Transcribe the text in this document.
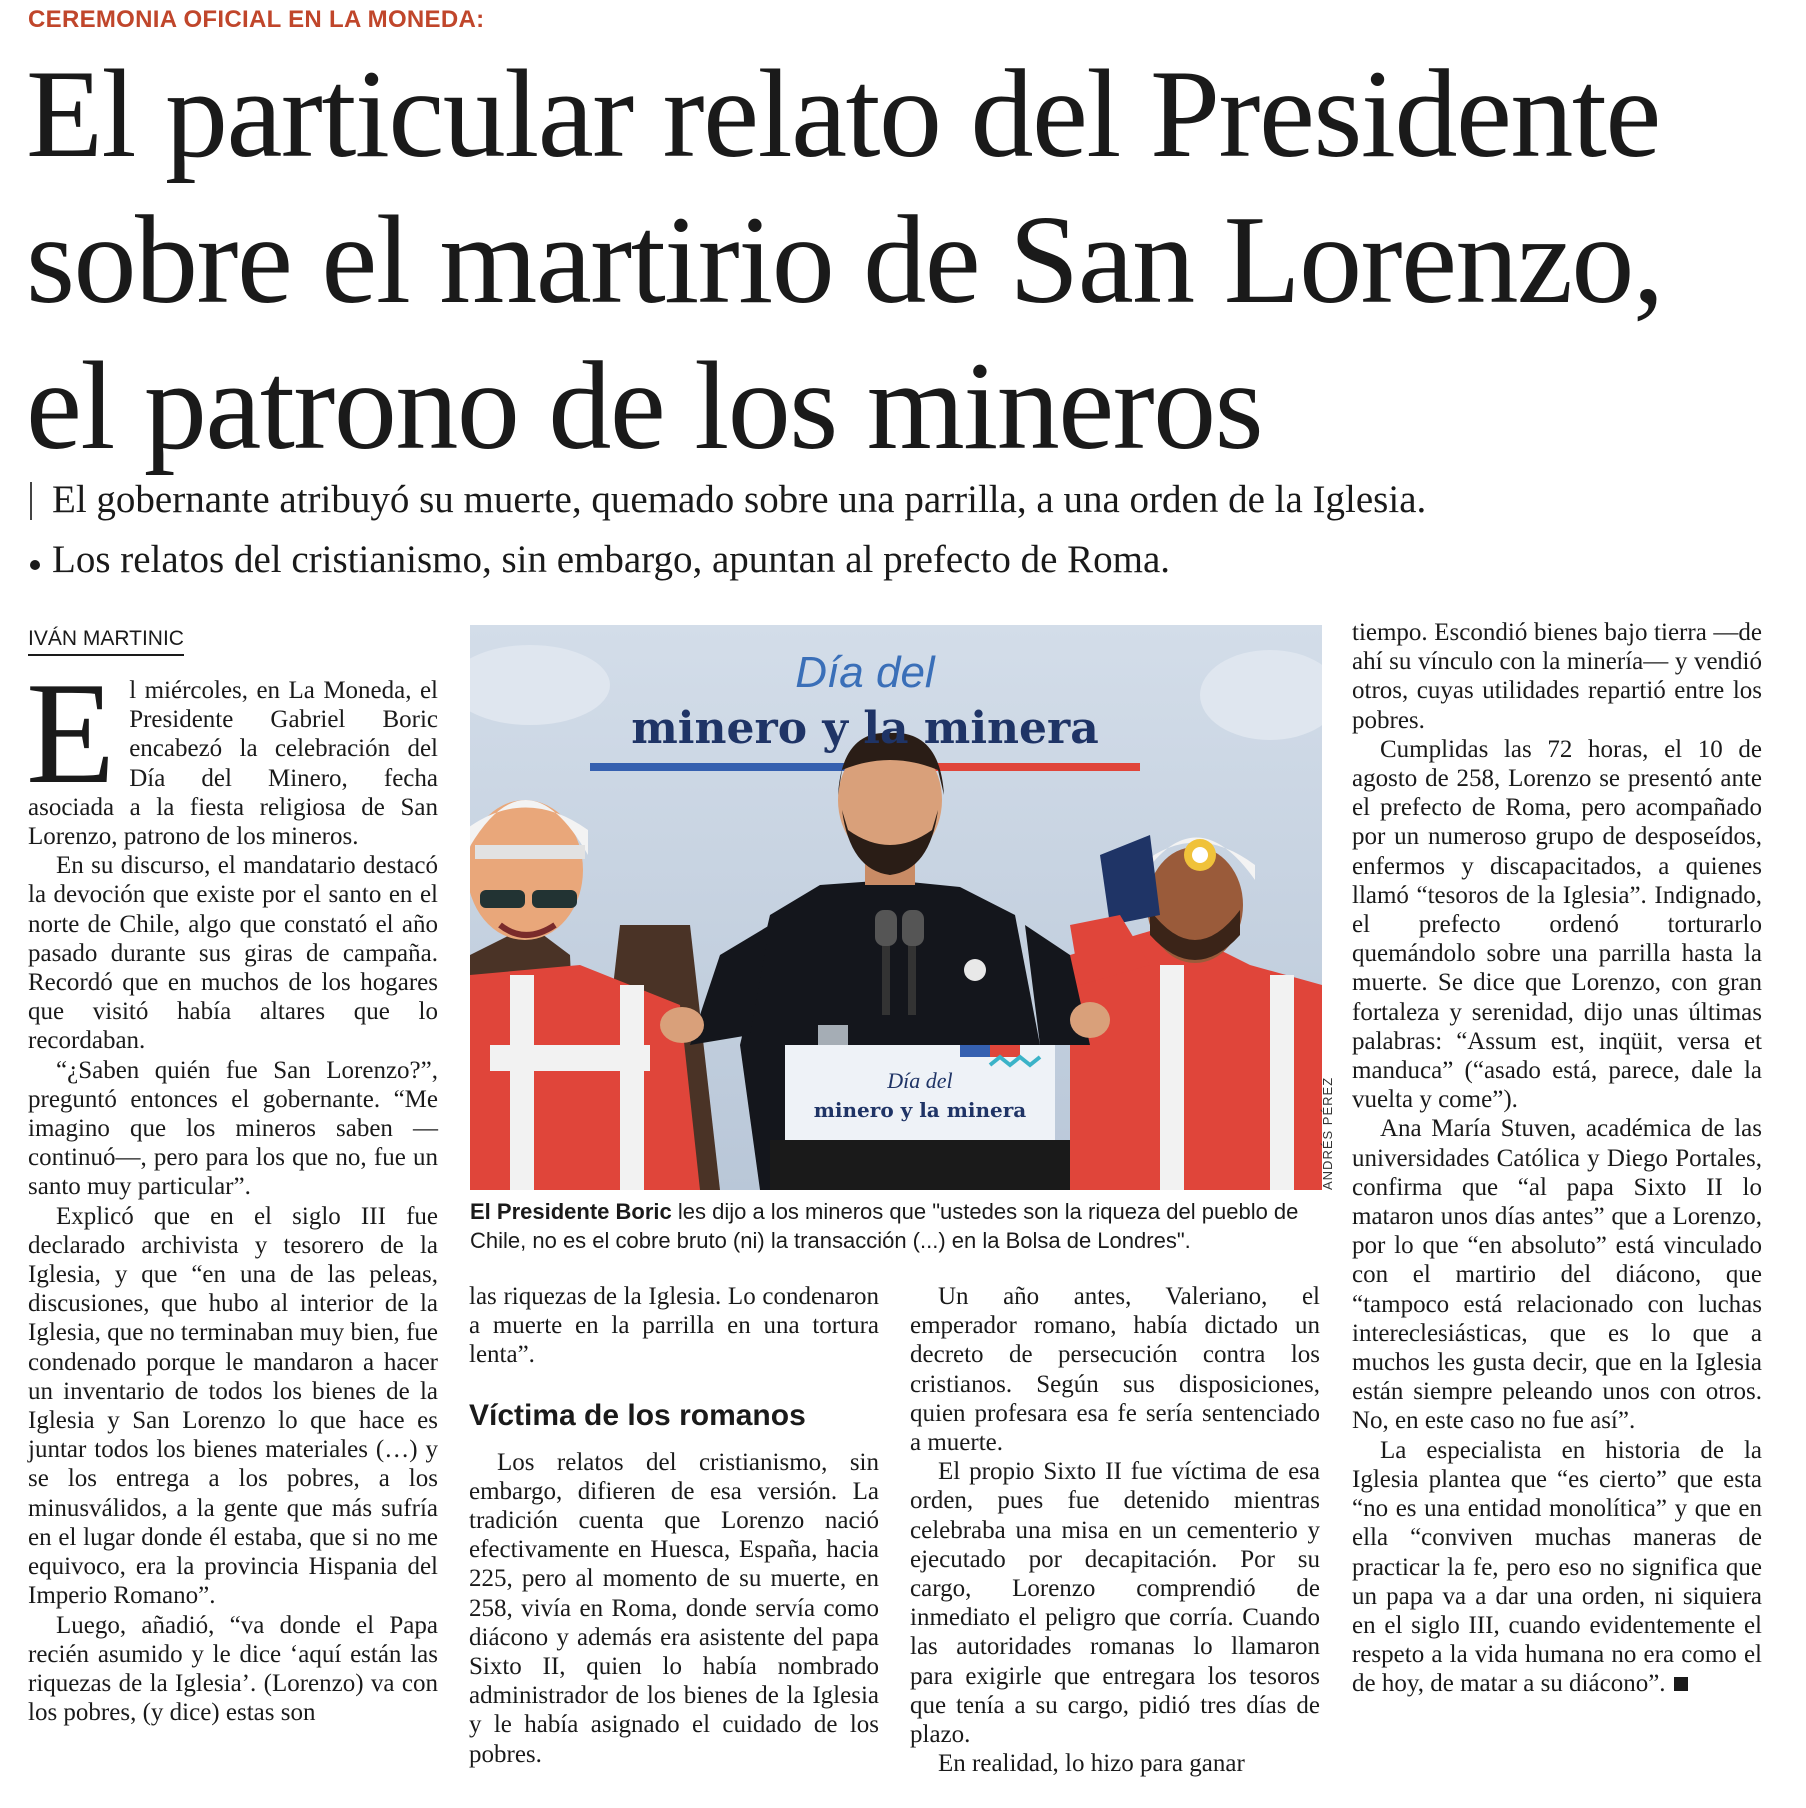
CEREMONIA OFICIAL EN LA MONEDA:
El particular relato del Presidente
sobre el martirio de San Lorenzo,
el patrono de los mineros
El gobernante atribuyó su muerte, quemado sobre una parrilla, a una orden de la Iglesia.
Los relatos del cristianismo, sin embargo, apuntan al prefecto de Roma.
IVÁN MARTINIC

El miércoles, en La Moneda, el Presidente Gabriel Boric encabezó la celebración del Día del Minero, fecha asociada a la fiesta religiosa de San Lorenzo, patrono de los mineros.

En su discurso, el mandatario destacó la devoción que existe por el santo en el norte de Chile, algo que constató el año pasado durante sus giras de campaña. Recordó que en muchos de los hogares que visitó había altares que lo recordaban.

“¿Saben quién fue San Lorenzo?”, preguntó entonces el gobernante. “Me imagino que los mineros saben —continuó—, pero para los que no, fue un santo muy particular”.

Explicó que en el siglo III fue declarado archivista y tesorero de la Iglesia, y que “en una de las peleas, discusiones, que hubo al interior de la Iglesia, que no terminaban muy bien, fue condenado porque le mandaron a hacer un inventario de todos los bienes de la Iglesia y San Lorenzo lo que hace es juntar todos los bienes materiales (…) y se los entrega a los pobres, a los minusválidos, a la gente que más sufría en el lugar donde él estaba, que si no me equivoco, era la provincia Hispania del Imperio Romano”.

Luego, añadió, “va donde el Papa recién asumido y le dice ‘aquí están las riquezas de la Iglesia’. (Lorenzo) va con los pobres, (y dice) estas son

Día del
minero y la minera
Día del
minero y la minera	ANDRÉS PÉREZ
El Presidente Boric les dijo a los mineros que "ustedes son la riqueza del pueblo de Chile, no es el cobre bruto (ni) la transacción (...) en la Bolsa de Londres".

las riquezas de la Iglesia. Lo condenaron a muerte en la parrilla en una tortura lenta”.

Víctima de los romanos

Los relatos del cristianismo, sin embargo, difieren de esa versión. La tradición cuenta que Lorenzo nació efectivamente en Huesca, España, hacia 225, pero al momento de su muerte, en 258, vivía en Roma, donde servía como diácono y además era asistente del papa Sixto II, quien lo había nombrado administrador de los bienes de la Iglesia y le había asignado el cuidado de los pobres.

Un año antes, Valeriano, el emperador romano, había dictado un decreto de persecución contra los cristianos. Según sus disposiciones, quien profesara esa fe sería sentenciado a muerte.

El propio Sixto II fue víctima de esa orden, pues fue detenido mientras celebraba una misa en un cementerio y ejecutado por decapitación. Por su cargo, Lorenzo comprendió de inmediato el peligro que corría. Cuando las autoridades romanas lo llamaron para exigirle que entregara los tesoros que tenía a su cargo, pidió tres días de plazo.

En realidad, lo hizo para ganar

tiempo. Escondió bienes bajo tierra —de ahí su vínculo con la minería— y vendió otros, cuyas utilidades repartió entre los pobres.

Cumplidas las 72 horas, el 10 de agosto de 258, Lorenzo se presentó ante el prefecto de Roma, pero acompañado por un numeroso grupo de desposeídos, enfermos y discapacitados, a quienes llamó “tesoros de la Iglesia”. Indignado, el prefecto ordenó torturarlo quemándolo sobre una parrilla hasta la muerte. Se dice que Lorenzo, con gran fortaleza y serenidad, dijo unas últimas palabras: “Assum est, inqüit, versa et manduca” (“asado está, parece, dale la vuelta y come”).

Ana María Stuven, académica de las universidades Católica y Diego Portales, confirma que “al papa Sixto II lo mataron unos días antes” que a Lorenzo, por lo que “en absoluto” está vinculado con el martirio del diácono, que “tampoco está relacionado con luchas intereclesiásticas, que es lo que a muchos les gusta decir, que en la Iglesia están siempre peleando unos con otros. No, en este caso no fue así”.

La especialista en historia de la Iglesia plantea que “es cierto” que esta “no es una entidad monolítica” y que en ella “conviven muchas maneras de practicar la fe, pero eso no significa que un papa va a dar una orden, ni siquiera en el siglo III, cuando evidentemente el respeto a la vida humana no era como el de hoy, de matar a su diácono”.
